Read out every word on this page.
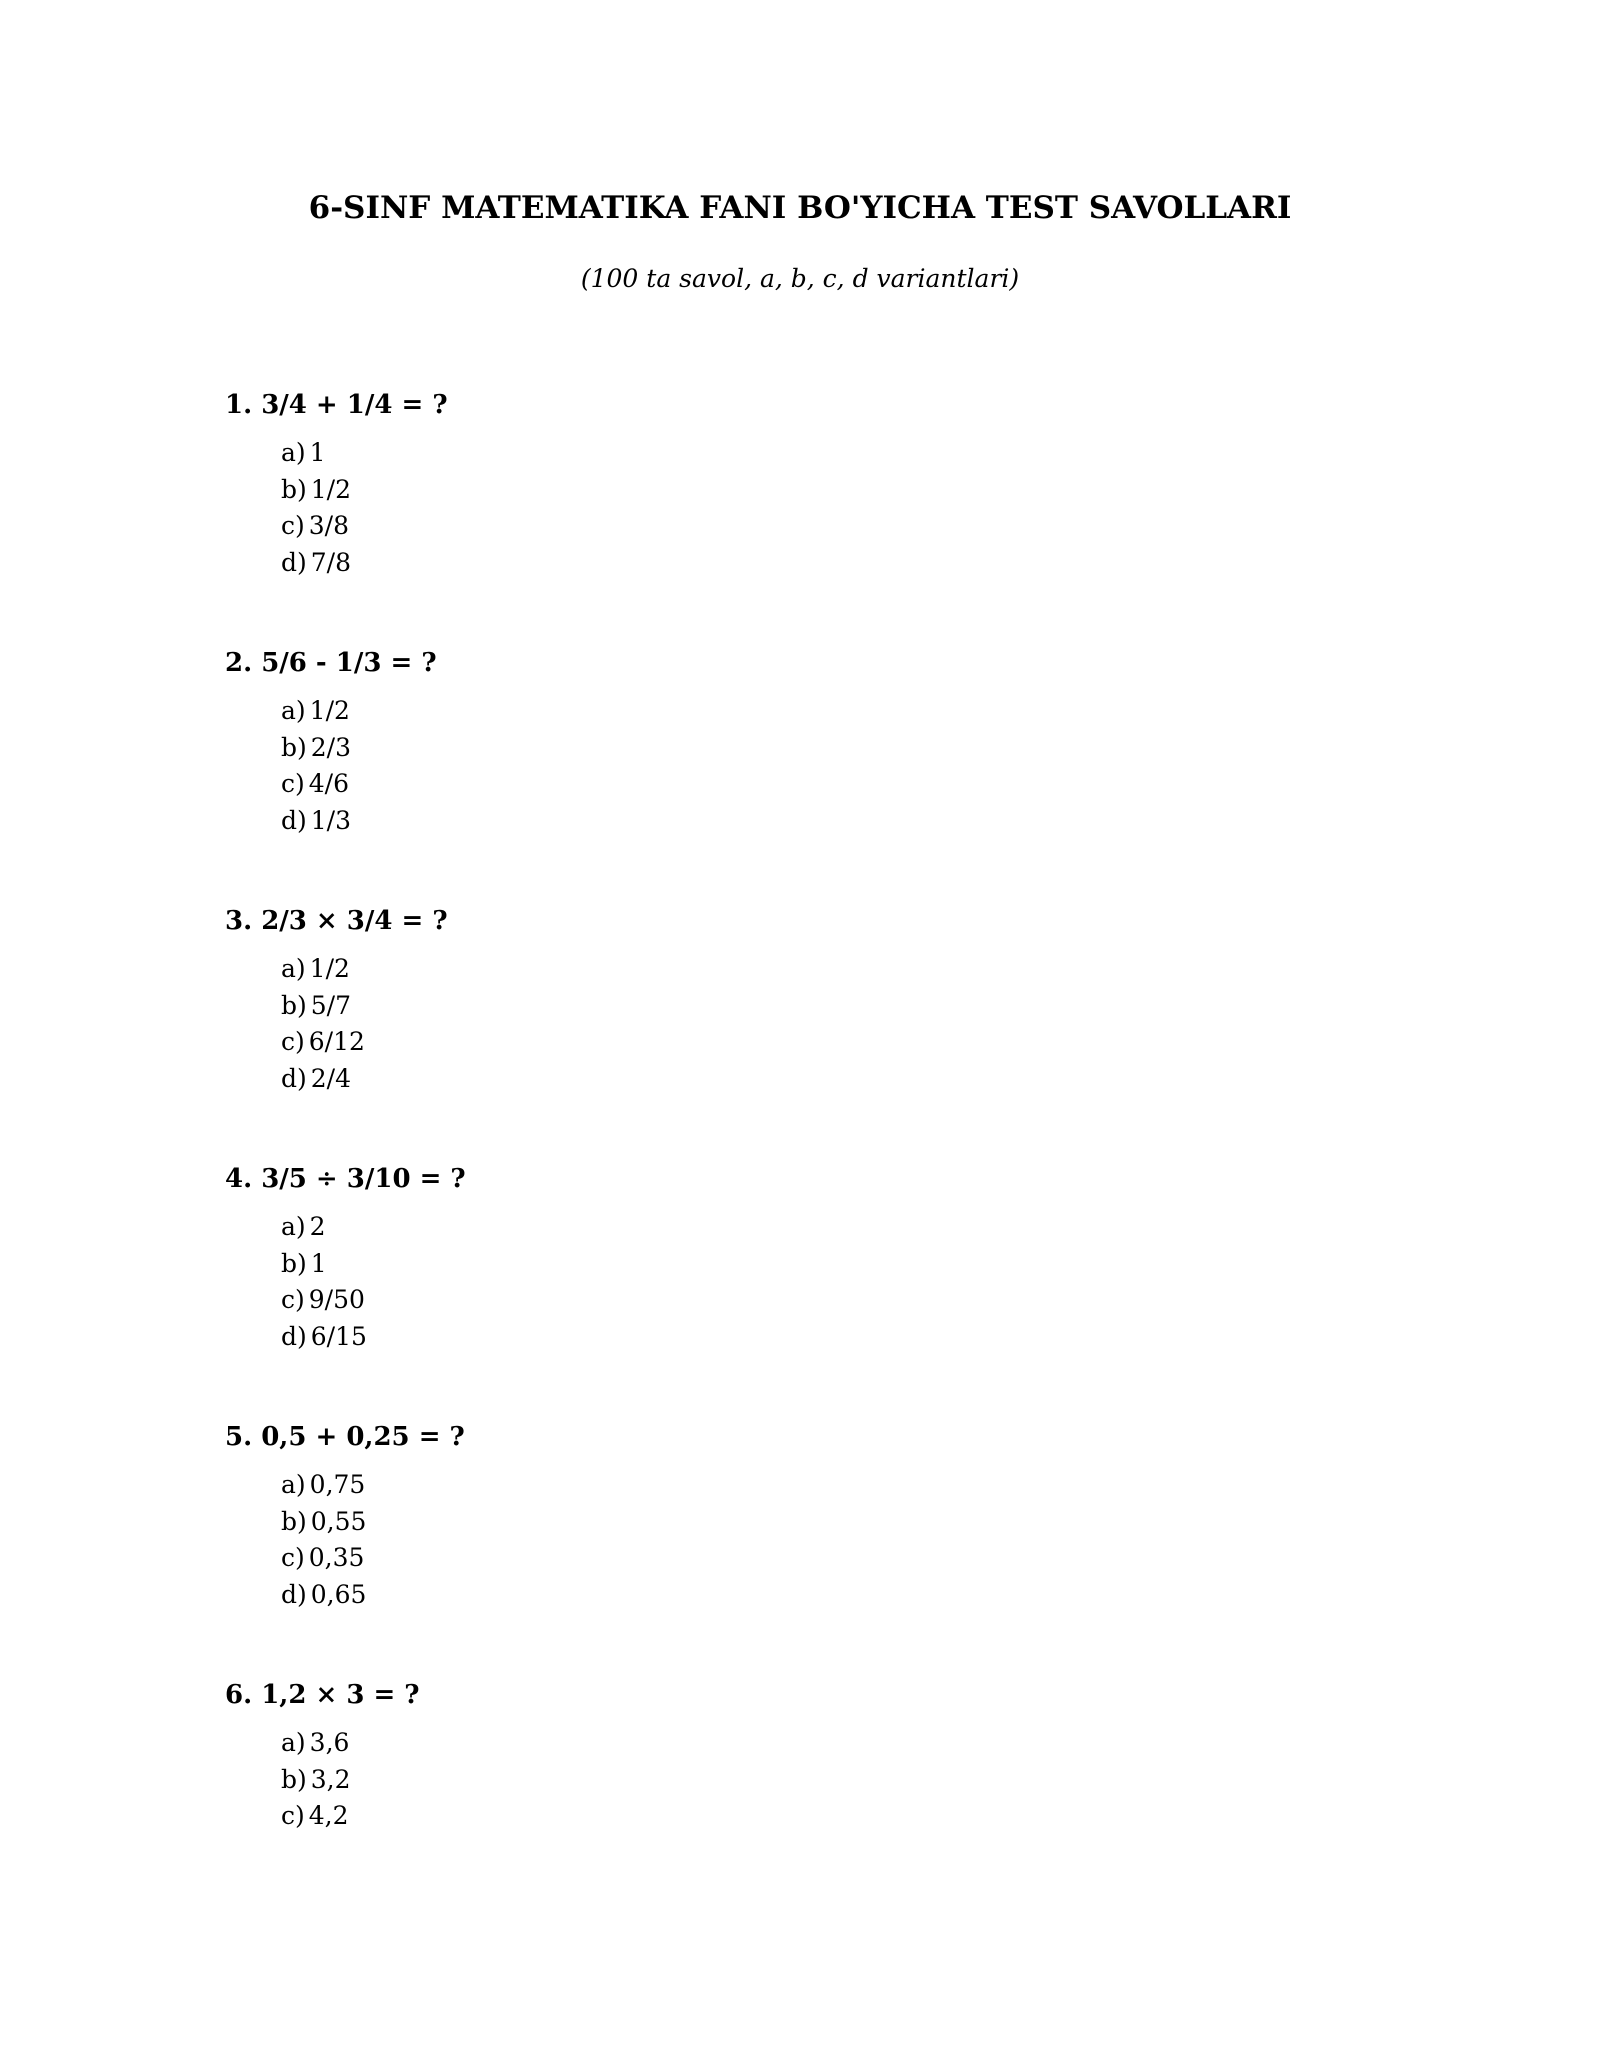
6-SINF MATEMATIKA FANI BO'YICHA TEST SAVOLLARI
(100 ta savol, a, b, c, d variantlari)
1. 3/4 + 1/4 = ?
a) 1
b) 1/2
c) 3/8
d) 7/8
2. 5/6 - 1/3 = ?
a) 1/2
b) 2/3
c) 4/6
d) 1/3
3. 2/3 × 3/4 = ?
a) 1/2
b) 5/7
c) 6/12
d) 2/4
4. 3/5 ÷ 3/10 = ?
a) 2
b) 1
c) 9/50
d) 6/15
5. 0,5 + 0,25 = ?
a) 0,75
b) 0,55
c) 0,35
d) 0,65
6. 1,2 × 3 = ?
a) 3,6
b) 3,2
c) 4,2
